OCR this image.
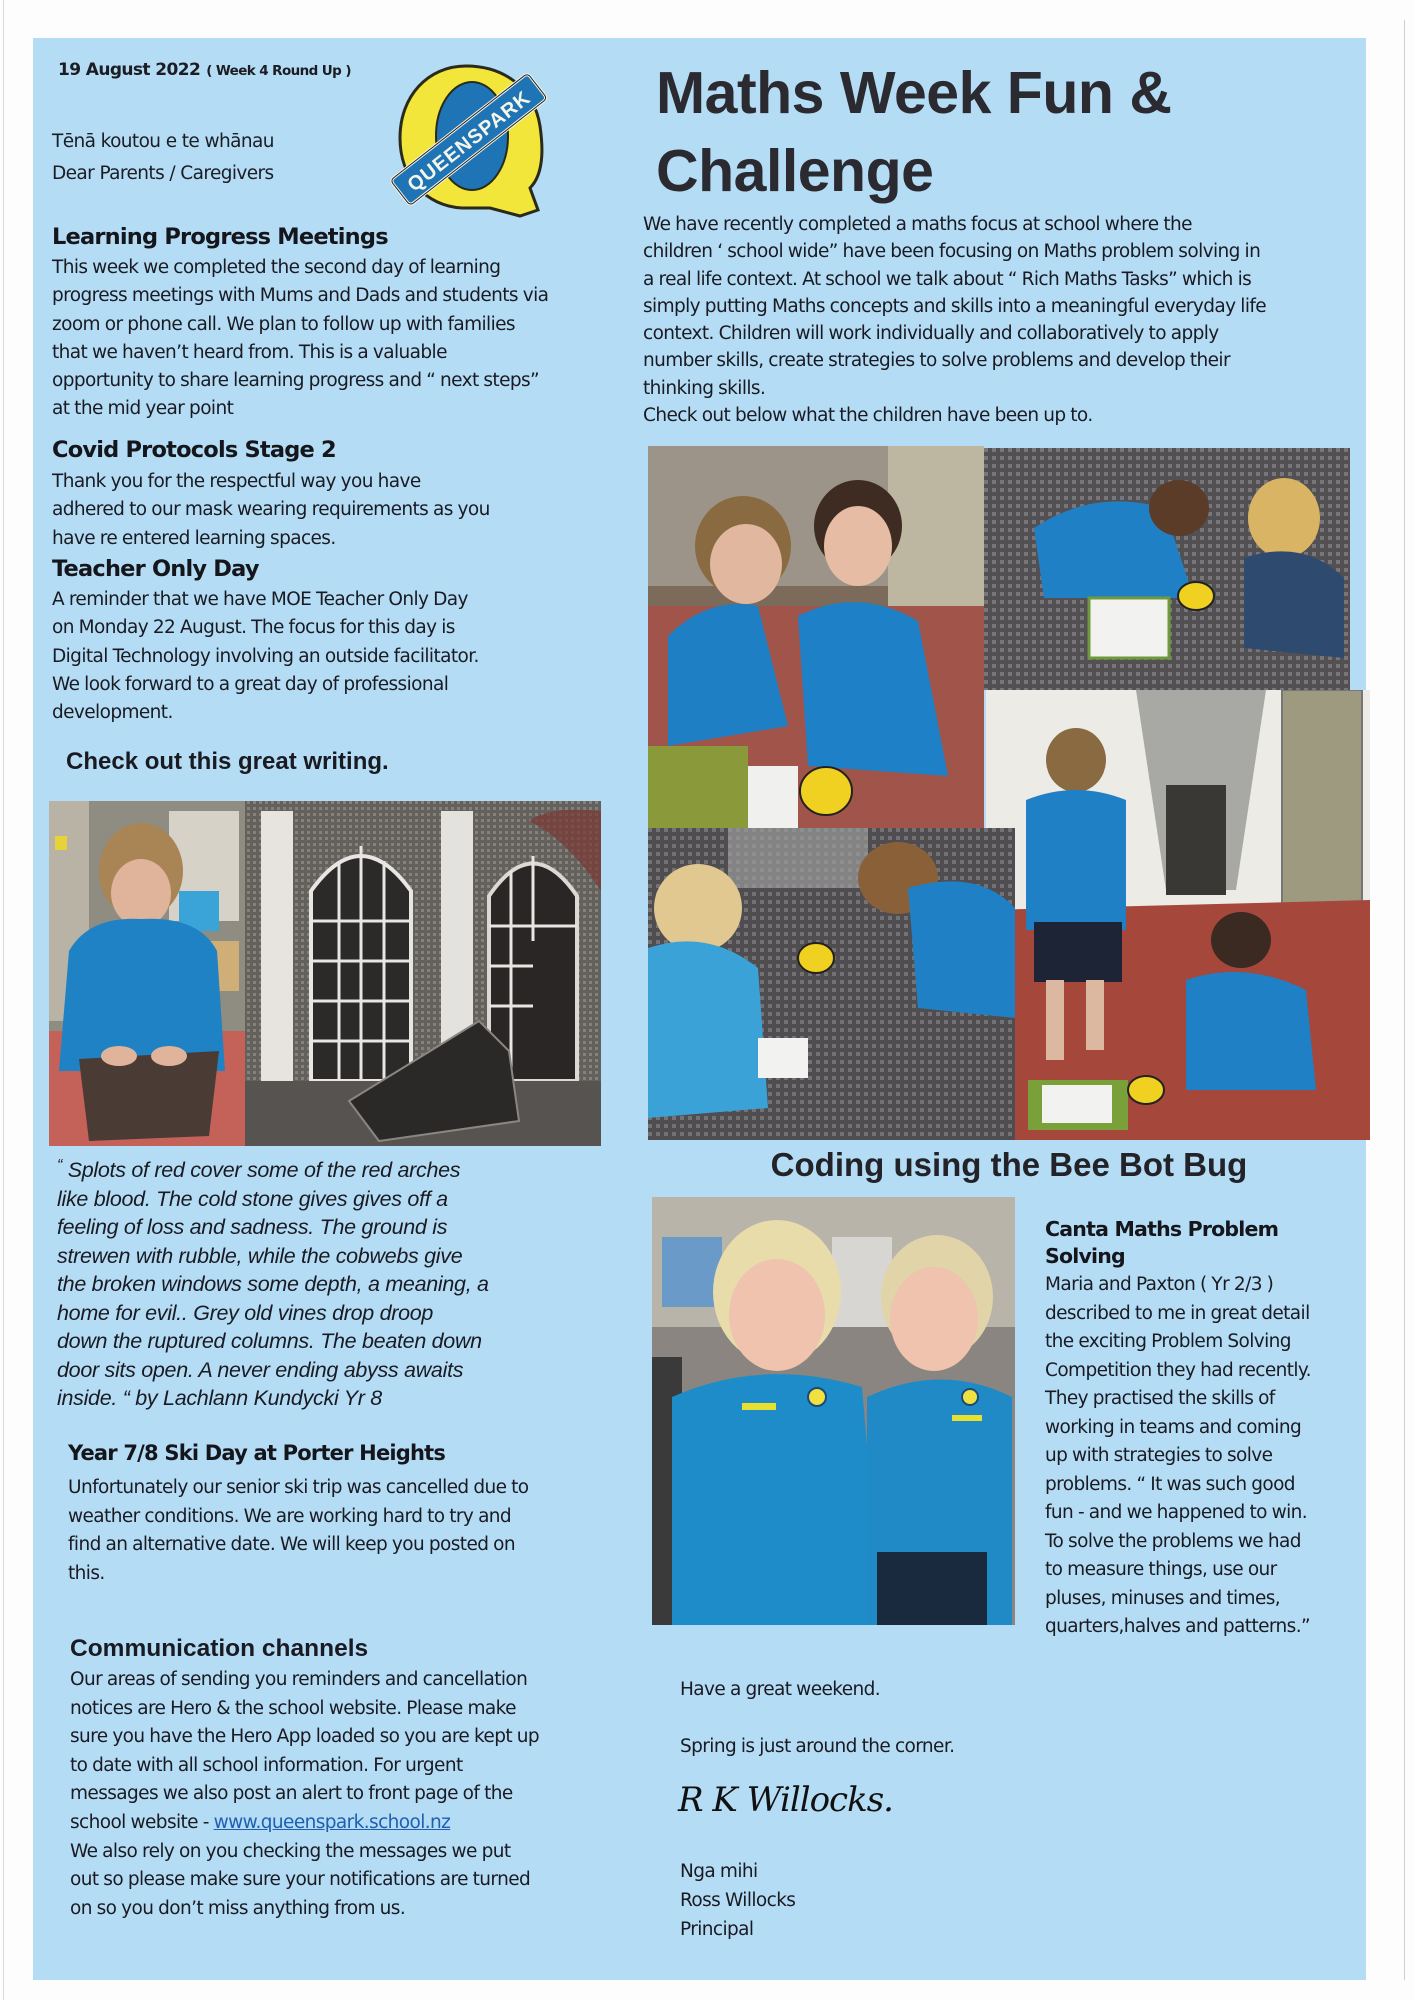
19 August 2022 ( Week 4 Round Up )
Tēnā koutou e te whānau
Dear Parents / Caregivers	QUEENSPARK
Learning Progress Meetings
This week we completed the second day of learning
progress meetings with Mums and Dads and students via
zoom or phone call. We plan to follow up with families
that we haven’t heard from. This is a valuable
opportunity to share learning progress and “ next steps”
at the mid year point
Covid Protocols Stage 2
Thank you for the respectful way you have
adhered to our mask wearing requirements as you
have re entered learning spaces.
Teacher Only Day
A reminder that we have MOE Teacher Only Day
on Monday 22 August. The focus for this day is
Digital Technology involving an outside facilitator.
We look forward to a great day of professional
development.
Check out this great writing.
“ Splots of red cover some of the red arches
like blood. The cold stone gives gives off a
feeling of loss and sadness. The ground is
strewen with rubble, while the cobwebs give
the broken windows some depth, a meaning, a
home for evil.. Grey old vines drop droop
down the ruptured columns. The beaten down
door sits open. A never ending abyss awaits
inside. “ by Lachlann Kundycki Yr 8
Year 7/8 Ski Day at Porter Heights
Unfortunately our senior ski trip was cancelled due to
weather conditions. We are working hard to try and
find an alternative date. We will keep you posted on
this.
Communication channels
Our areas of sending you reminders and cancellation
notices are Hero & the school website. Please make
sure you have the Hero App loaded so you are kept up
to date with all school information. For urgent
messages we also post an alert to front page of the
school website - www.queenspark.school.nz
We also rely on you checking the messages we put
out so please make sure your notifications are turned
on so you don’t miss anything from us.
Maths Week Fun &
Challenge
We have recently completed a maths focus at school where the
children ‘ school wide” have been focusing on Maths problem solving in
a real life context. At school we talk about “ Rich Maths Tasks” which is
simply putting Maths concepts and skills into a meaningful everyday life
context. Children will work individually and collaboratively to apply
number skills, create strategies to solve problems and develop their
thinking skills.
Check out below what the children have been up to.
Coding using the Bee Bot Bug
Canta Maths Problem
Solving
Maria and Paxton ( Yr 2/3 )
described to me in great detail
the exciting Problem Solving
Competition they had recently.
They practised the skills of
working in teams and coming
up with strategies to solve
problems. “ It was such good
fun - and we happened to win.
To solve the problems we had
to measure things, use our
pluses, minuses and times,
quarters,halves and patterns.”
Have a great weekend.
Spring is just around the corner.
R K Willocks.
Nga mihi
Ross Willocks
Principal
